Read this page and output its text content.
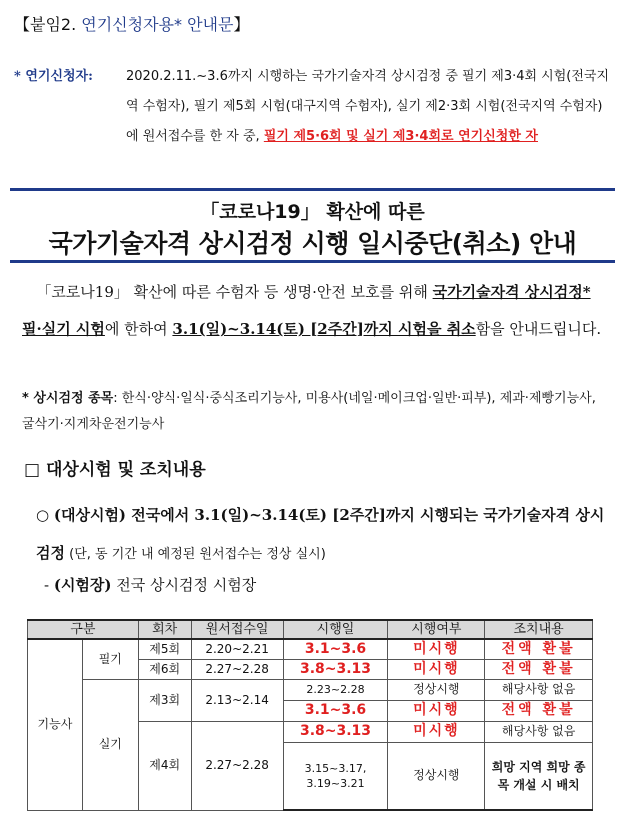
【붙임2. 연기신청자용* 안내문】
* 연기신청자:	2020.2.11.~3.6까지 시행하는 국가기술자격 상시검정 중 필기 제3·4회 시험(전국지역 수험자), 필기 제5회 시험(대구지역 수험자), 실기 제2·3회 시험(전국지역 수험자)에 원서접수를 한 자 중, 필기 제5·6회 및 실기 제3·4회로 연기신청한 자
「코로나19」 확산에 따른
국가기술자격 상시검정 시행 일시중단(취소) 안내
「코로나19」 확산에 따른 수험자 등 생명·안전 보호를 위해 국가기술자격 상시검정* 필·실기 시험에 한하여 3.1(일)~3.14(토) [2주간]까지 시험을 취소함을 안내드립니다.
* 상시검정 종목: 한식·양식·일식·중식조리기능사, 미용사(네일·메이크업·일반·피부), 제과·제빵기능사, 굴삭기·지게차운전기능사
□ 대상시험 및 조치내용
○ (대상시험) 전국에서 3.1(일)~3.14(토) [2주간]까지 시행되는 국가기술자격 상시검정 (단, 동 기간 내 예정된 원서접수는 정상 실시)
- (시험장) 전국 상시검정 시험장
구분		회차	원서접수일	시행일	시행여부	조치내용
기능사	필기	제5회	2.20~2.21	3.1~3.6	미시행	전액 환불
		제6회	2.27~2.28	3.8~3.13	미시행	전액 환불
	실기	제3회	2.13~2.14	2.23~2.28	정상시행	해당사항 없음
				3.1~3.6	미시행	전액 환불
		제4회	2.27~2.28	3.8~3.13	미시행	해당사항 없음
				3.15~3.17, 3.19~3.21	정상시행	희망 지역 희망 종목 개설 시 배치
